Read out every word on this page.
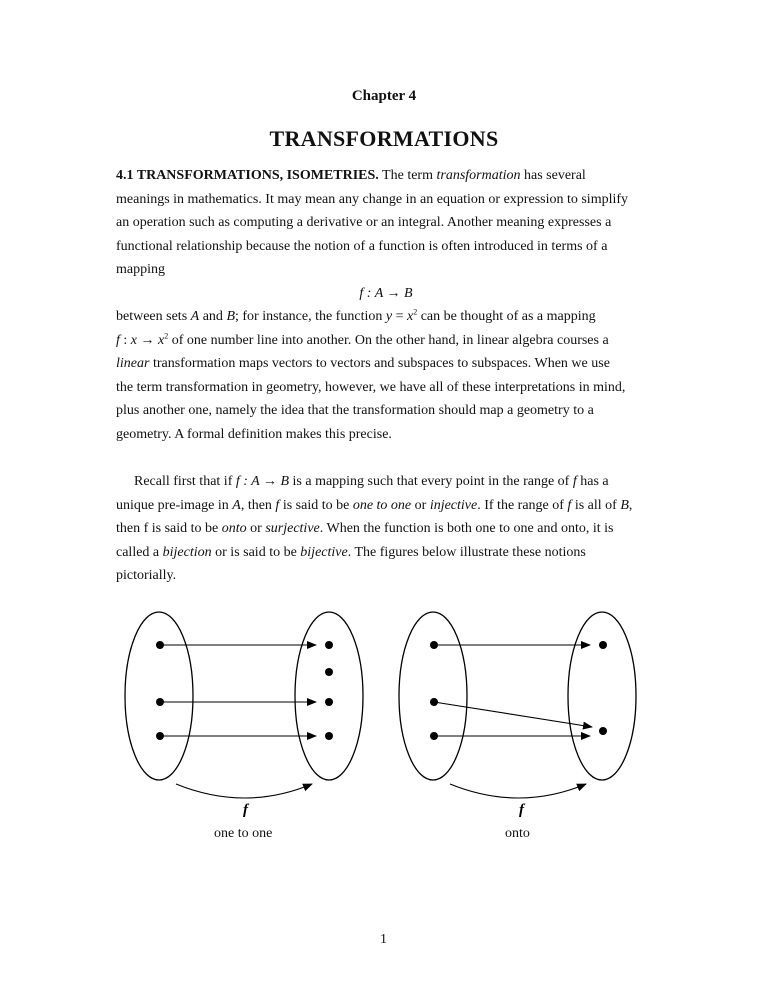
Chapter 4
TRANSFORMATIONS
4.1 TRANSFORMATIONS, ISOMETRIES. The term transformation has several
meanings in mathematics. It may mean any change in an equation or expression to simplify
an operation such as computing a derivative or an integral. Another meaning expresses a
functional relationship because the notion of a function is often introduced in terms of a
mapping
f : A → B
between sets A and B; for instance, the function $y = x^2$ can be thought of as a mapping
f : $x \to x^2$ of one number line into another. On the other hand, in linear algebra courses a
linear transformation maps vectors to vectors and subspaces to subspaces. When we use
the term transformation in geometry, however, we have all of these interpretations in mind,
plus another one, namely the idea that the transformation should map a geometry to a
geometry. A formal definition makes this precise.
Recall first that if f : A → B is a mapping such that every point in the range of f has a
unique pre-image in A, then f is said to be one to one or injective. If the range of f is all of B,
then f is said to be onto or surjective. When the function is both one to one and onto, it is
called a bijection or is said to be bijective. The figures below illustrate these notions
pictorially.
f	f
one to one	onto
1
